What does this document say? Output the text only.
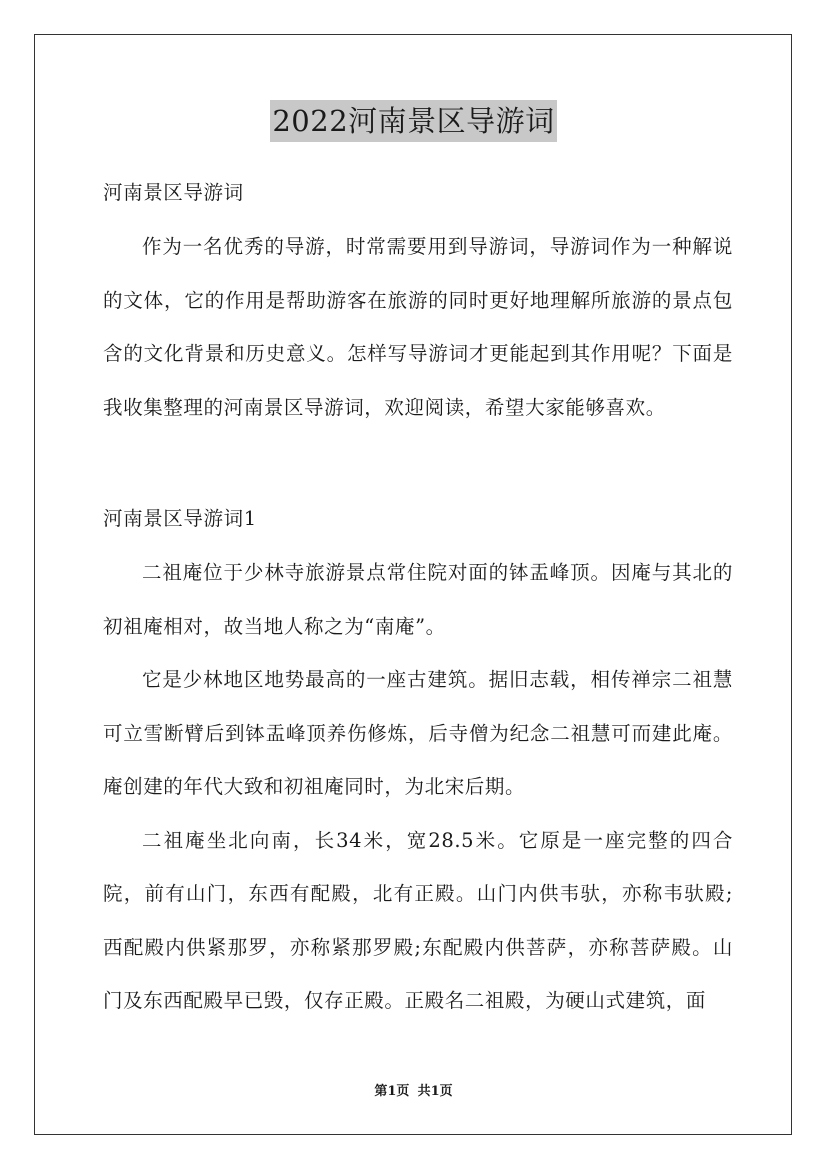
2022河南景区导游词
河南景区导游词

作为一名优秀的导游，时常需要用到导游词，导游词作为一种解说的文体，它的作用是帮助游客在旅游的同时更好地理解所旅游的景点包含的文化背景和历史意义。怎样写导游词才更能起到其作用呢？下面是我收集整理的河南景区导游词，欢迎阅读，希望大家能够喜欢。

河南景区导游词1

二祖庵位于少林寺旅游景点常住院对面的钵盂峰顶。因庵与其北的初祖庵相对，故当地人称之为“南庵”。

它是少林地区地势最高的一座古建筑。据旧志载，相传禅宗二祖慧可立雪断臂后到钵盂峰顶养伤修炼，后寺僧为纪念二祖慧可而建此庵。庵创建的年代大致和初祖庵同时，为北宋后期。

二祖庵坐北向南，长34米，宽28.5米。它原是一座完整的四合院，前有山门，东西有配殿，北有正殿。山门内供韦驮，亦称韦驮殿;西配殿内供紧那罗，亦称紧那罗殿;东配殿内供菩萨，亦称菩萨殿。山门及东西配殿早已毁，仅存正殿。正殿名二祖殿，为硬山式建筑，面

第1页 共1页
